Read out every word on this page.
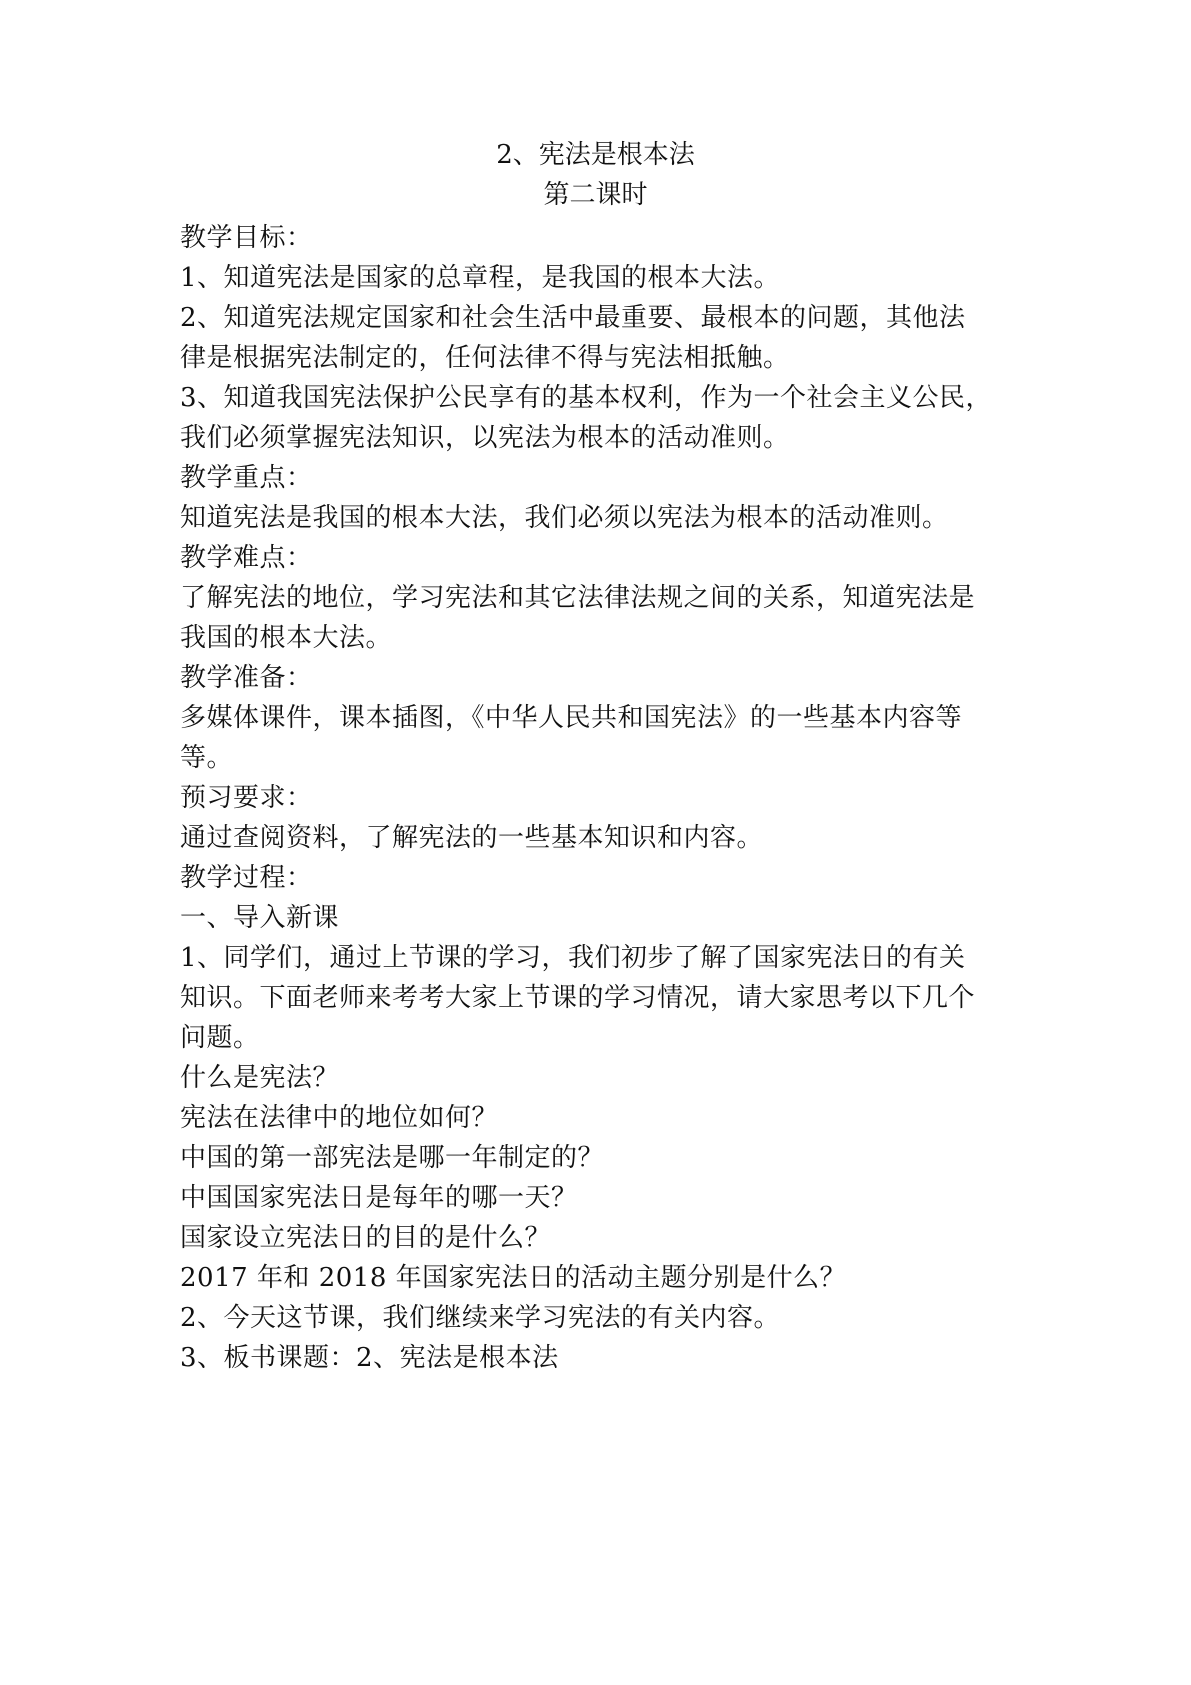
2、宪法是根本法
第二课时
教学目标：
1、知道宪法是国家的总章程，是我国的根本大法。
2、知道宪法规定国家和社会生活中最重要、最根本的问题，其他法
律是根据宪法制定的，任何法律不得与宪法相抵触。
3、知道我国宪法保护公民享有的基本权利，作为一个社会主义公民，
我们必须掌握宪法知识，以宪法为根本的活动准则。
教学重点：
知道宪法是我国的根本大法，我们必须以宪法为根本的活动准则。
教学难点：
了解宪法的地位，学习宪法和其它法律法规之间的关系，知道宪法是
我国的根本大法。
教学准备：
多媒体课件，课本插图，《中华人民共和国宪法》的一些基本内容等
等。
预习要求：
通过查阅资料，了解宪法的一些基本知识和内容。
教学过程：
一、导入新课
1、同学们，通过上节课的学习，我们初步了解了国家宪法日的有关
知识。下面老师来考考大家上节课的学习情况，请大家思考以下几个
问题。
什么是宪法？
宪法在法律中的地位如何？
中国的第一部宪法是哪一年制定的？
中国国家宪法日是每年的哪一天？
国家设立宪法日的目的是什么？
2017 年和 2018 年国家宪法日的活动主题分别是什么？
2、今天这节课，我们继续来学习宪法的有关内容。
3、板书课题：2、宪法是根本法
